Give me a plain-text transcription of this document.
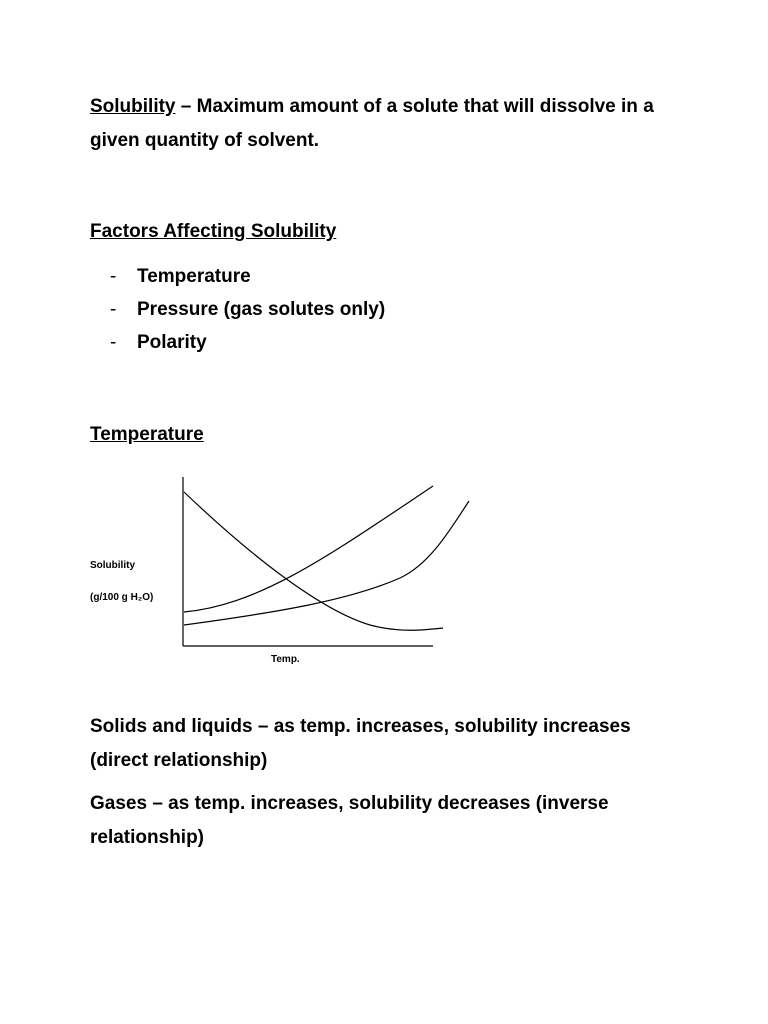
Solubility – Maximum amount of a solute that will dissolve in a given quantity of solvent.
Factors Affecting Solubility
-	Temperature
-	Pressure (gas solutes only)
-	Polarity
Temperature
Solubility
(g/100 g H₂O)
Temp.
Solids and liquids – as temp. increases, solubility increases (direct relationship)
Gases – as temp. increases, solubility decreases (inverse relationship)
